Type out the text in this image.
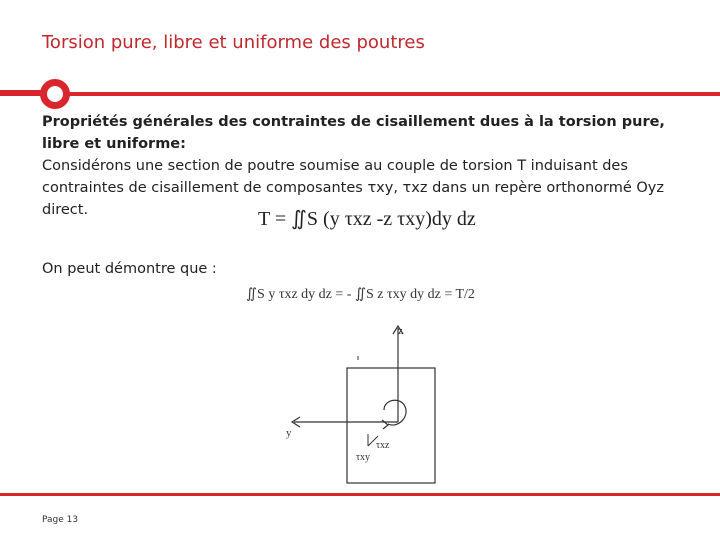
Torsion pure, libre et uniforme des poutres
Propriétés générales des contraintes de cisaillement dues à la torsion pure, libre et uniforme:
Considérons une section de poutre soumise au couple de torsion T induisant des contraintes de cisaillement de composantes τxy, τxz dans un repère orthonormé Oyz direct.	T = ∬S (y τxz -z τxy)dy dz
On peut démontre que :
∬S y τxz dy dz = - ∬S z τxy dy dz = T/2
z
y
τxz
τxy
Page 13
